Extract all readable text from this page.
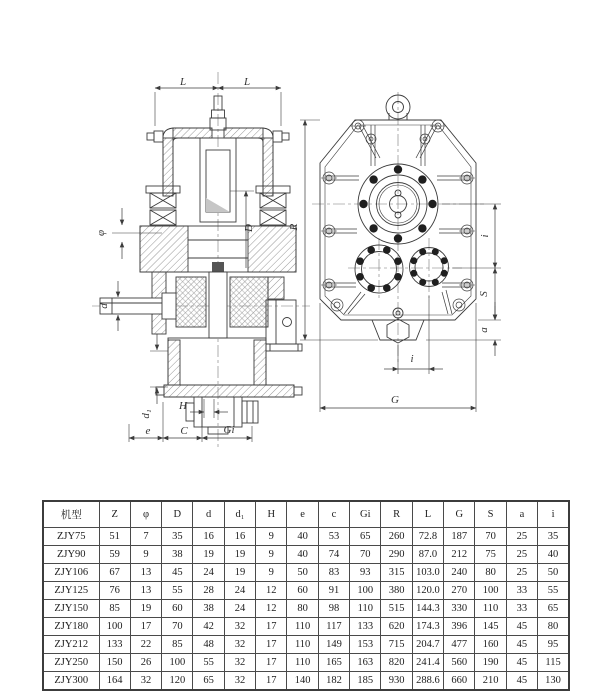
L	L
φ
D
d
d₁
H
e	C	Gi
R
i
S
a
i
G
机型	Z	φ	D	d	d₁	H	e	c	Gi	R	L	G	S	a	i
ZJY75	51	7	35	16	16	9	40	53	65	260	72.8	187	70	25	35
ZJY90	59	9	38	19	19	9	40	74	70	290	87.0	212	75	25	40
ZJY106	67	13	45	24	19	9	50	83	93	315	103.0	240	80	25	50
ZJY125	76	13	55	28	24	12	60	91	100	380	120.0	270	100	33	55
ZJY150	85	19	60	38	24	12	80	98	110	515	144.3	330	110	33	65
ZJY180	100	17	70	42	32	17	110	117	133	620	174.3	396	145	45	80
ZJY212	133	22	85	48	32	17	110	149	153	715	204.7	477	160	45	95
ZJY250	150	26	100	55	32	17	110	165	163	820	241.4	560	190	45	115
ZJY300	164	32	120	65	32	17	140	182	185	930	288.6	660	210	45	130
